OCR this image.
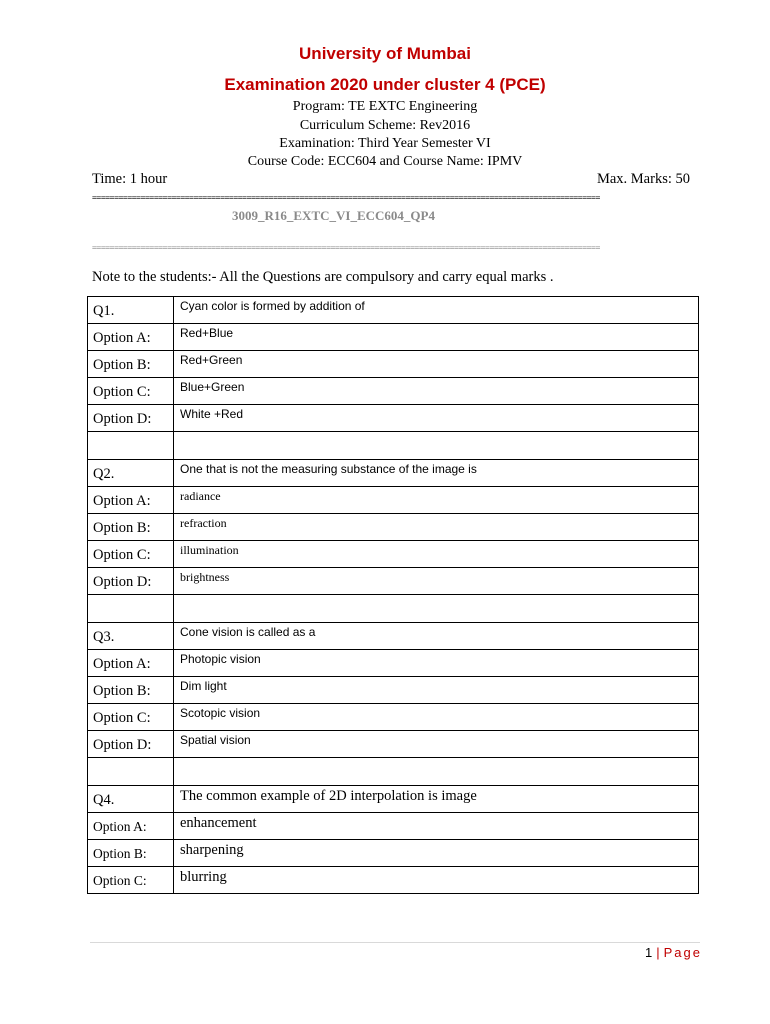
University of Mumbai
Examination 2020 under cluster 4 (PCE)
Program: TE EXTC Engineering
Curriculum Scheme: Rev2016
Examination: Third Year Semester VI
Course Code: ECC604 and Course Name: IPMV
Time: 1 hour	Max. Marks: 50
===================================================================================================================
3009_R16_EXTC_VI_ECC604_QP4
===================================================================================================================
Note to the students:- All the Questions are compulsory and carry equal marks .
Q1.	Cyan color is formed by addition of
Option A:	Red+Blue
Option B:	Red+Green
Option C:	Blue+Green
Option D:	White +Red

Q2.	One that is not the measuring substance of the image is
Option A:	radiance
Option B:	refraction
Option C:	illumination
Option D:	brightness

Q3.	Cone vision is called as a
Option A:	Photopic vision
Option B:	Dim light
Option C:	Scotopic vision
Option D:	Spatial vision

Q4.	The common example of 2D interpolation is image
Option A:	enhancement
Option B:	sharpening
Option C:	blurring
1 | Page
